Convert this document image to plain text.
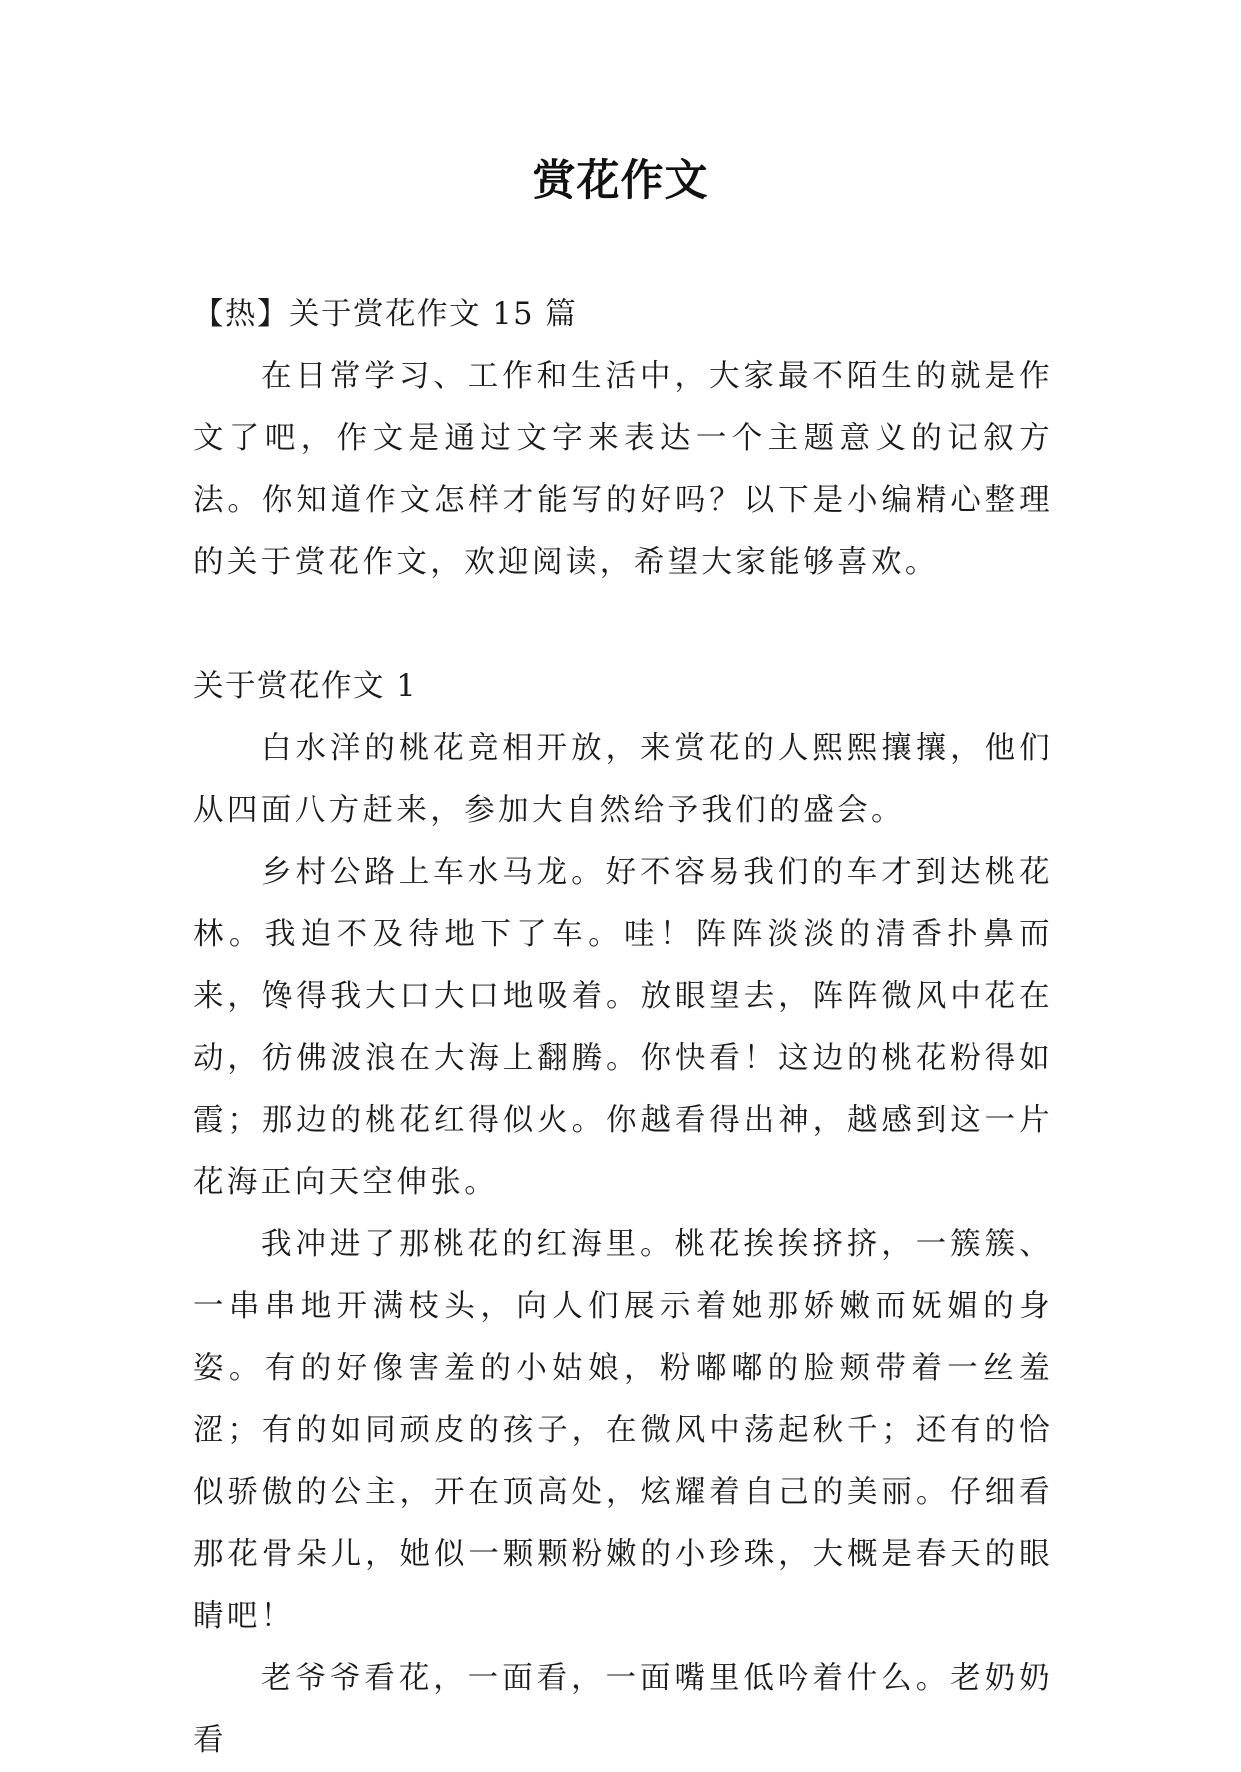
赏花作文

【热】关于赏花作文 15 篇

在日常学习、工作和生活中，大家最不陌生的就是作文了吧，作文是通过文字来表达一个主题意义的记叙方法。你知道作文怎样才能写的好吗？以下是小编精心整理的关于赏花作文，欢迎阅读，希望大家能够喜欢。

关于赏花作文 1

白水洋的桃花竞相开放，来赏花的人熙熙攘攘，他们从四面八方赶来，参加大自然给予我们的盛会。

乡村公路上车水马龙。好不容易我们的车才到达桃花林。我迫不及待地下了车。哇！阵阵淡淡的清香扑鼻而来，馋得我大口大口地吸着。放眼望去，阵阵微风中花在动，彷佛波浪在大海上翻腾。你快看！这边的桃花粉得如霞；那边的桃花红得似火。你越看得出神，越感到这一片花海正向天空伸张。

我冲进了那桃花的红海里。桃花挨挨挤挤，一簇簇、一串串地开满枝头，向人们展示着她那娇嫩而妩媚的身姿。有的好像害羞的小姑娘，粉嘟嘟的脸颊带着一丝羞涩；有的如同顽皮的孩子，在微风中荡起秋千；还有的恰似骄傲的公主，开在顶高处，炫耀着自己的美丽。仔细看那花骨朵儿，她似一颗颗粉嫩的小珍珠，大概是春天的眼睛吧！

老爷爷看花，一面看，一面嘴里低吟着什么。老奶奶看
